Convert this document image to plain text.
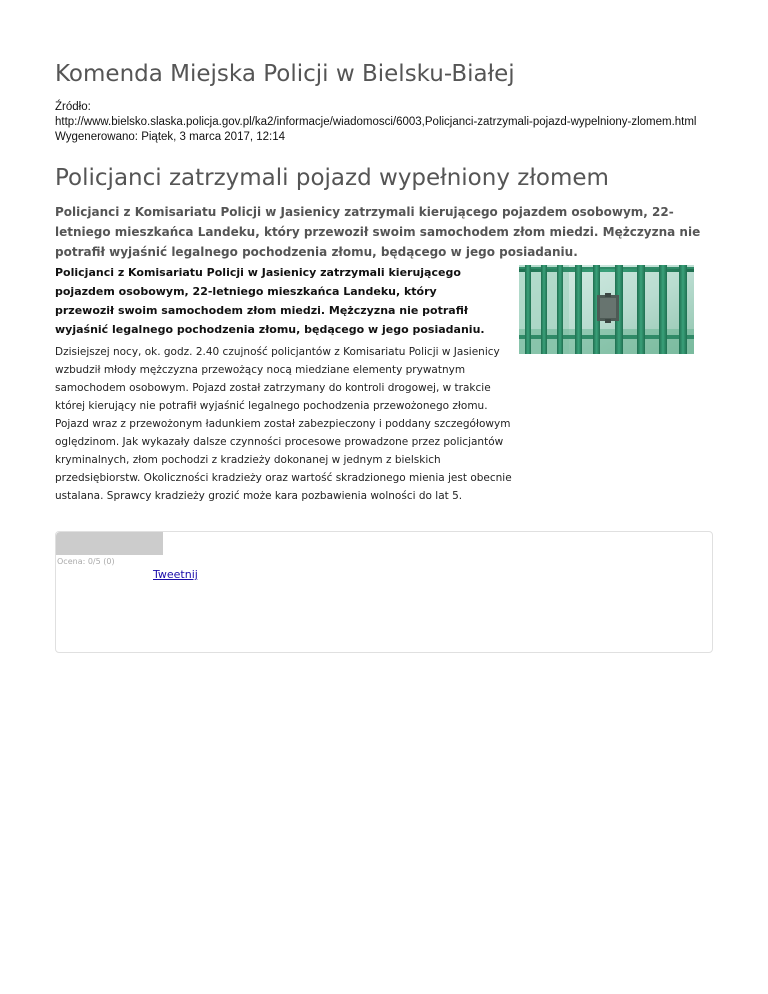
Komenda Miejska Policji w Bielsku-Białej
Źródło:
http://www.bielsko.slaska.policja.gov.pl/ka2/informacje/wiadomosci/6003,Policjanci-zatrzymali-pojazd-wypelniony-zlomem.html
Wygenerowano: Piątek, 3 marca 2017, 12:14
Policjanci zatrzymali pojazd wypełniony złomem

Policjanci z Komisariatu Policji w Jasienicy zatrzymali kierującego pojazdem osobowym, 22-letniego mieszkańca Landeku, który przewoził swoim samochodem złom miedzi. Mężczyzna nie potrafił wyjaśnić legalnego pochodzenia złomu, będącego w jego posiadaniu.

Policjanci z Komisariatu Policji w Jasienicy zatrzymali kierującego pojazdem osobowym, 22-letniego mieszkańca Landeku, który przewoził swoim samochodem złom miedzi. Mężczyzna nie potrafił wyjaśnić legalnego pochodzenia złomu, będącego w jego posiadaniu.

Dzisiejszej nocy, ok. godz. 2.40 czujność policjantów z Komisariatu Policji w Jasienicy wzbudził młody mężczyzna przewożący nocą miedziane elementy prywatnym samochodem osobowym. Pojazd został zatrzymany do kontroli drogowej, w trakcie której kierujący nie potrafił wyjaśnić legalnego pochodzenia przewożonego złomu. Pojazd wraz z przewożonym ładunkiem został zabezpieczony i poddany szczegółowym oględzinom. Jak wykazały dalsze czynności procesowe prowadzone przez policjantów kryminalnych, złom pochodzi z kradzieży dokonanej w jednym z bielskich przedsiębiorstw. Okoliczności kradzieży oraz wartość skradzionego mienia jest obecnie ustalana. Sprawcy kradzieży grozić może kara pozbawienia wolności do lat 5.

Ocena: 0/5 (0)
Tweetnij
